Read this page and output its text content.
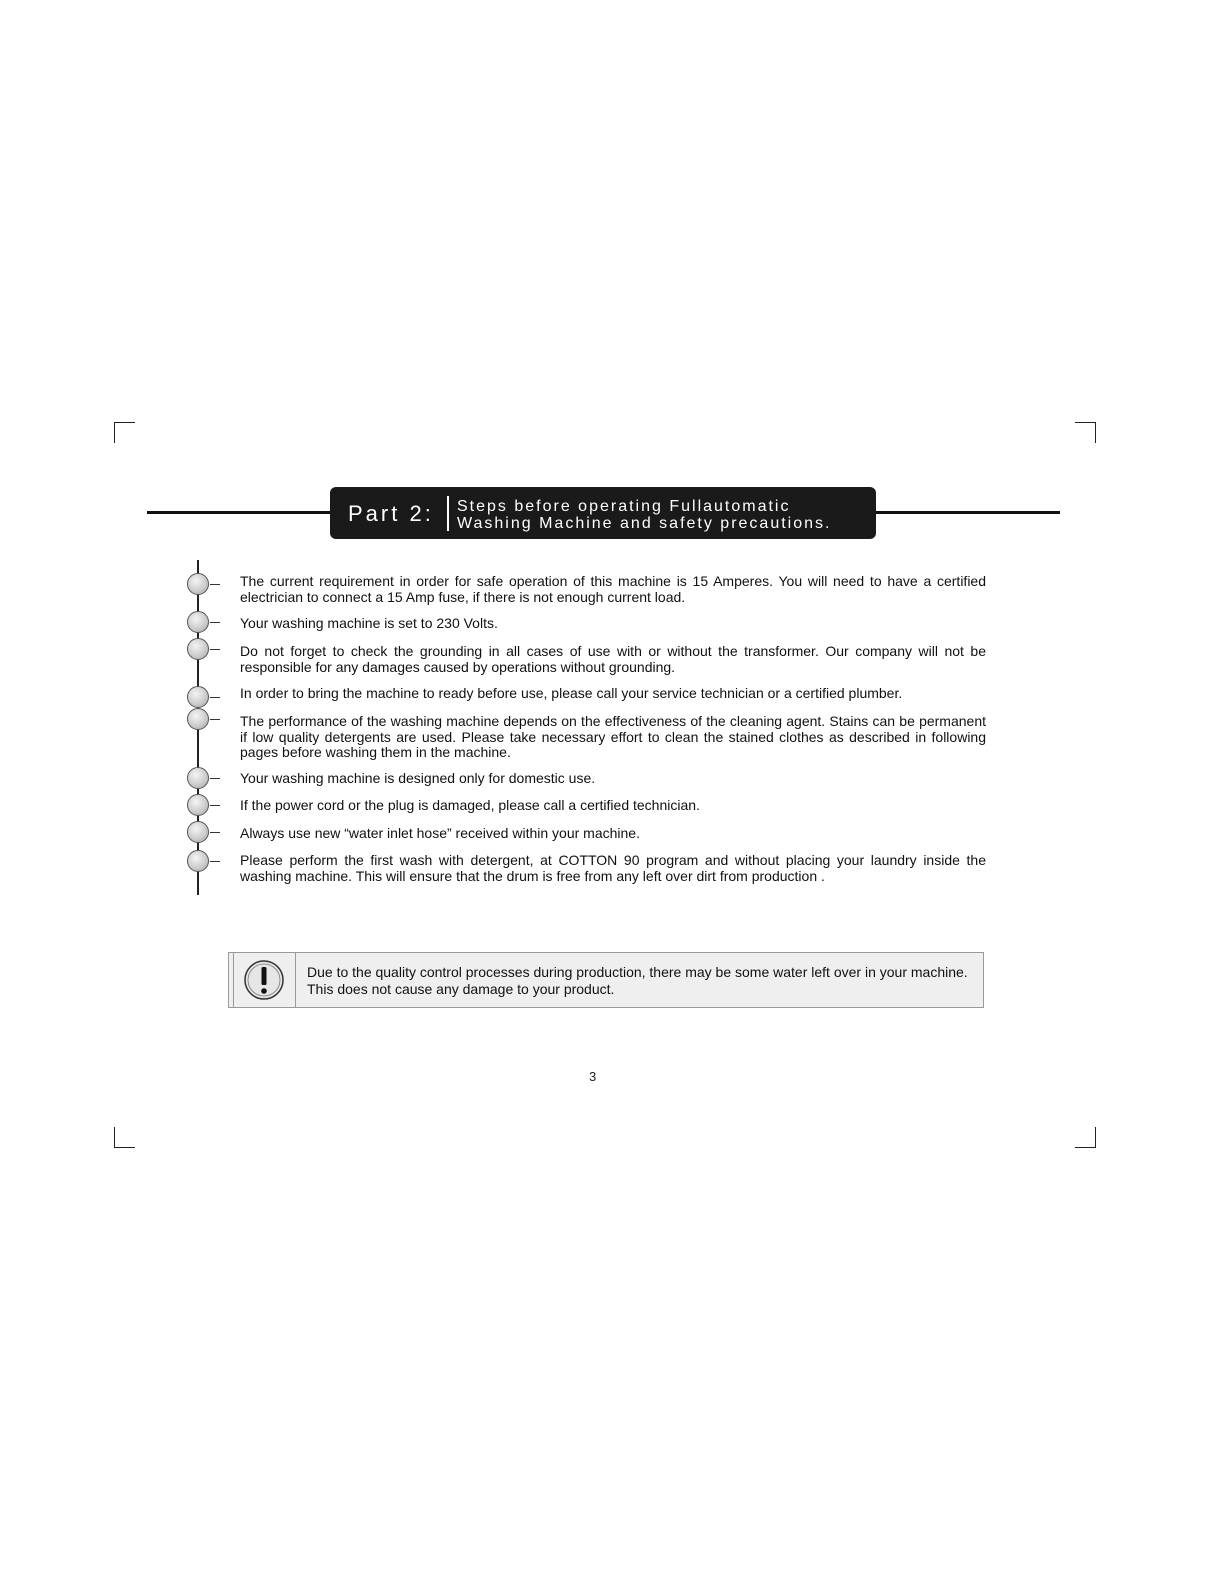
Part 2: Steps before operating Fullautomatic
Washing Machine and safety precautions.
The current requirement in order for safe operation of this machine is 15 Amperes. You will need to have a certified electrician to connect a 15 Amp fuse, if there is not enough current load.
Your washing machine is set to 230 Volts.
Do not forget to check the grounding in all cases of use with or without the transformer. Our company will not be responsible for any damages caused by operations without grounding.
In order to bring the machine to ready before use, please call your service technician or a certified plumber.
The performance of the washing machine depends on the effectiveness of the cleaning agent. Stains can be permanent if low quality detergents are used. Please take necessary effort to clean the stained clothes as described in following pages before washing them in the machine.
Your washing machine is designed only for domestic use.
If the power cord or the plug is damaged, please call a certified technician.
Always use new “water inlet hose” received within your machine.
Please perform the first wash with detergent, at COTTON 90 program and without placing your laundry inside the washing machine. This will ensure that the drum is free from any left over dirt from production .
Due to the quality control processes during production, there may be some water left over in your machine.
This does not cause any damage to your product.
3
